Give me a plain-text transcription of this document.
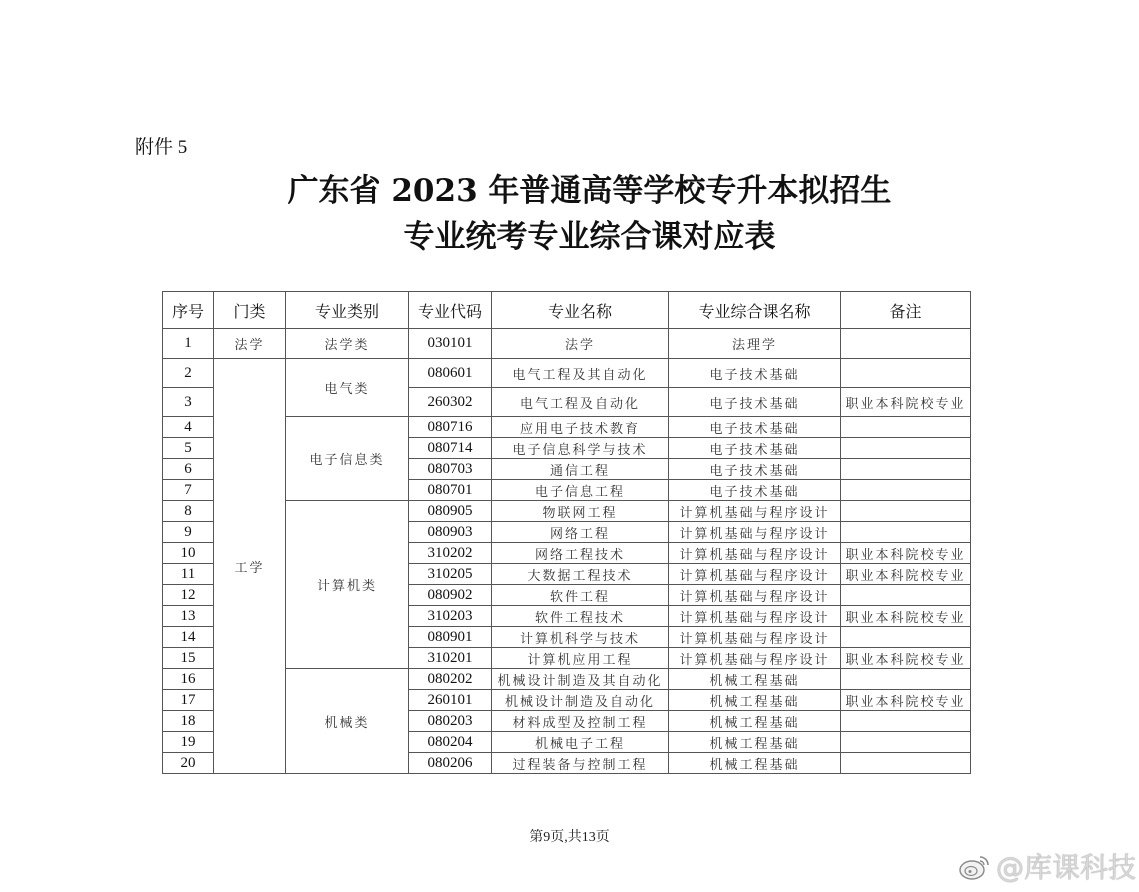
附件 5
广东省 2023 年普通高等学校专升本拟招生
专业统考专业综合课对应表
序号	门类	专业类别	专业代码	专业名称	专业综合课名称	备注
1	法学	法学类	030101	法学	法理学	
2	工学	电气类	080601	电气工程及其自动化	电子技术基础	
3			260302	电气工程及自动化	电子技术基础	职业本科院校专业
4		电子信息类	080716	应用电子技术教育	电子技术基础	
5			080714	电子信息科学与技术	电子技术基础	
6			080703	通信工程	电子技术基础	
7			080701	电子信息工程	电子技术基础	
8		计算机类	080905	物联网工程	计算机基础与程序设计	
9			080903	网络工程	计算机基础与程序设计	
10			310202	网络工程技术	计算机基础与程序设计	职业本科院校专业
11			310205	大数据工程技术	计算机基础与程序设计	职业本科院校专业
12			080902	软件工程	计算机基础与程序设计	
13			310203	软件工程技术	计算机基础与程序设计	职业本科院校专业
14			080901	计算机科学与技术	计算机基础与程序设计	
15			310201	计算机应用工程	计算机基础与程序设计	职业本科院校专业
16		机械类	080202	机械设计制造及其自动化	机械工程基础	
17			260101	机械设计制造及自动化	机械工程基础	职业本科院校专业
18			080203	材料成型及控制工程	机械工程基础	
19			080204	机械电子工程	机械工程基础	
20			080206	过程装备与控制工程	机械工程基础	
第9页,共13页
@库课科技
